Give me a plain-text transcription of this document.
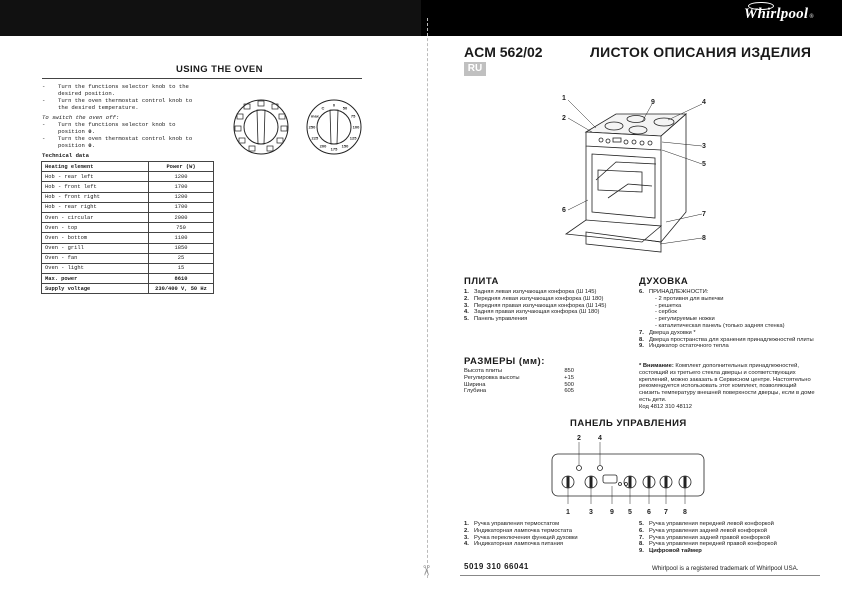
Whirlpool®
✂
USING THE OVEN
-	Turn the functions selector knob to the desired position.
-	Turn the oven thermostat control knob to the desired temperature.
To switch the oven off:
-	Turn the functions selector knob to position 0.
-	Turn the oven thermostat control knob to position 0.
0
50
75
100
125
150
175
200
225
250
max
C
Technical data
Heating element	Power (W)
Hob - rear left	1200
Hob - front left	1700
Hob - front right	1200
Hob - rear right	1700
Oven - circular	2000
Oven - top	750
Oven - bottom	1100
Oven - grill	1850
Oven - fan	25
Oven - light	15
Max. power	8610
Supply voltage	230/400 V, 50 Hz
ACM 562/02	ЛИСТОК ОПИСАНИЯ ИЗДЕЛИЯ
RU
1
2
9	4
3
5
6
7
8
ПЛИТА
1. Задняя левая излучающая конфорка (Ш 145)
2. Передняя левая излучающая конфорка (Ш 180)
3. Передняя правая излучающая конфорка (Ш 145)
4. Задняя правая излучающая конфорка (Ш 180)
5. Панель управления
ДУХОВКА
6. ПРИНАДЛЕЖНОСТИ:
- 2 противня для выпечки
- решетка
- сербок
- регулируемые ножки
- каталитическая панель (только задняя стенка)
7. Дверца духовки *
8. Дверца пространства для хранения принадлежностей плиты
9. Индикатор остаточного тепла
РАЗМЕРЫ (мм):
Высота плиты	850
Регулировка высоты	+15
Ширина	500
Глубина	605
* Внимание: Комплект дополнительных принадлежностей, состоящий из третьего стекла дверцы и соответствующих креплений, можно заказать в Сервисном центре. Настоятельно рекомендуется использовать этот комплект, позволяющий снизить температуру внешней поверхности дверцы, если в доме есть дети.
Код 4812 310 48112
ПАНЕЛЬ УПРАВЛЕНИЯ
2 4
1	3 9 5 6 7 8
1. Ручка управления термостатом
2. Индикаторная лампочка термостата
3. Ручка переключения функций духовки
4. Индикаторная лампочка питания
5. Ручка управления передней левой конфоркой
6. Ручка управления задней левой конфоркой
7. Ручка управления задней правой конфоркой
8. Ручка управления передней правой конфоркой
9. Цифровой таймер
5019 310 66041	Whirlpool is a registered trademark of Whirlpool USA.
